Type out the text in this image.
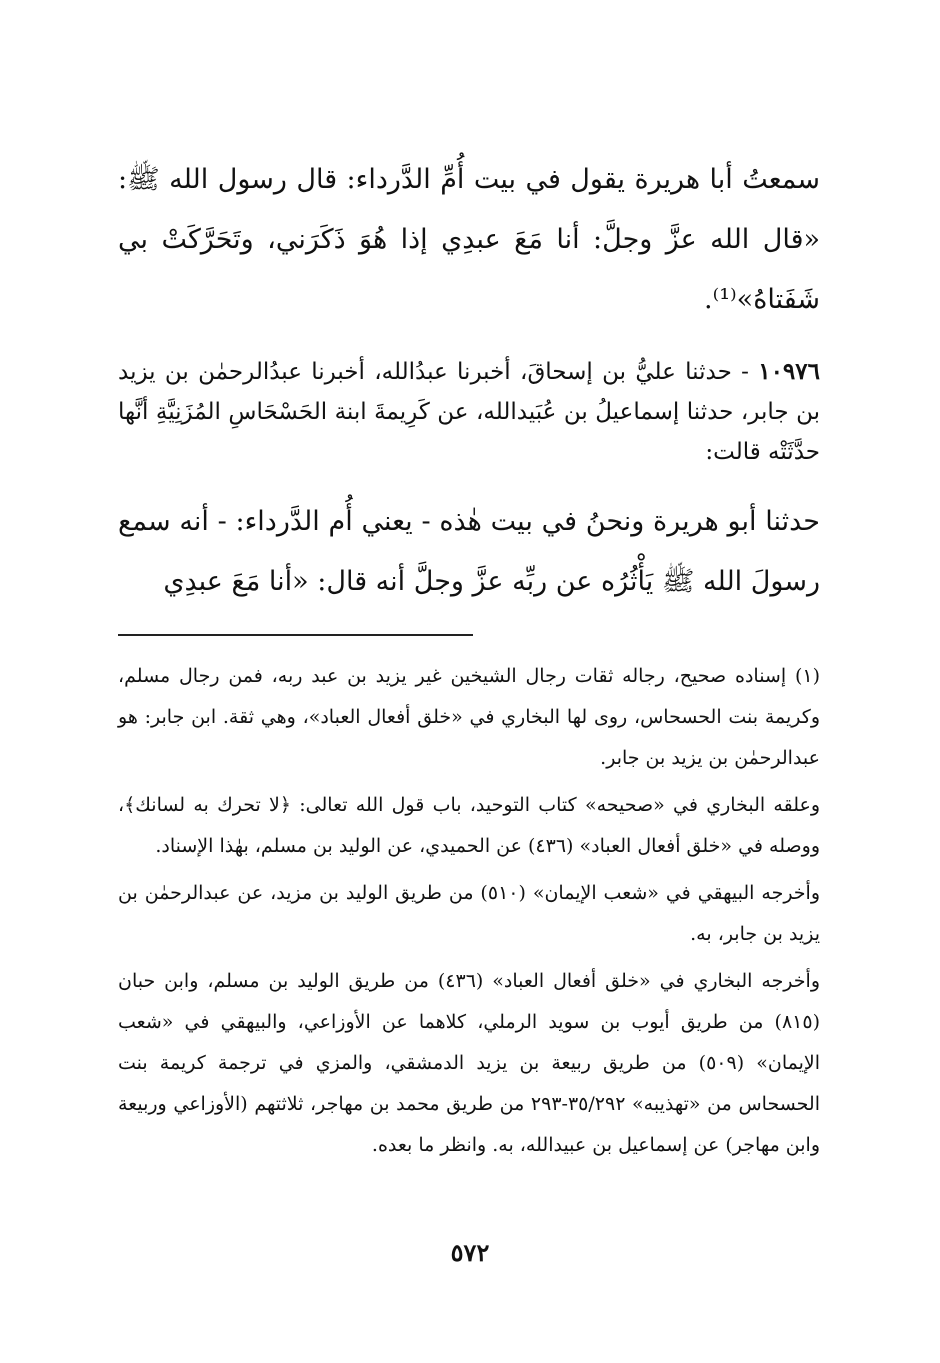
سمعتُ أبا هريرة يقول في بيت أُمِّ الدَّرداء: قال رسول الله ﷺ: «قال الله عزَّ وجلَّ: أنا مَعَ عبدِي إذا هُوَ ذَكَرَني، وتَحَرَّكَتْ بي شَفَتاهُ»⁽¹⁾.

١٠٩٧٦ - حدثنا عليُّ بن إسحاقَ، أخبرنا عبدُالله، أخبرنا عبدُالرحمٰن بن يزيد بن جابر، حدثنا إسماعيلُ بن عُبَيدالله، عن كَرِيمةَ ابنة الحَسْحَاسِ المُزَنِيَّةِ أنَّها حدَّثَتْه قالت:

حدثنا أبو هريرة ونحنُ في بيت هٰذه - يعني أُم الدَّرداء: - أنه سمع رسولَ الله ﷺ يَأْثُرُه عن ربِّه عزَّ وجلَّ أنه قال: «أنا مَعَ عبدِي

(١) إسناده صحيح، رجاله ثقات رجال الشيخين غير يزيد بن عبد ربه، فمن رجال مسلم، وكريمة بنت الحسحاس، روى لها البخاري في «خلق أفعال العباد»، وهي ثقة. ابن جابر: هو عبدالرحمٰن بن يزيد بن جابر.

وعلقه البخاري في «صحيحه» كتاب التوحيد، باب قول الله تعالى: ﴿لا تحرك به لسانك﴾، ووصله في «خلق أفعال العباد» (٤٣٦) عن الحميدي، عن الوليد بن مسلم، بهٰذا الإسناد.

وأخرجه البيهقي في «شعب الإيمان» (٥١٠) من طريق الوليد بن مزيد، عن عبدالرحمٰن بن يزيد بن جابر، به.

وأخرجه البخاري في «خلق أفعال العباد» (٤٣٦) من طريق الوليد بن مسلم، وابن حبان (٨١٥) من طريق أيوب بن سويد الرملي، كلاهما عن الأوزاعي، والبيهقي في «شعب الإيمان» (٥٠٩) من طريق ربيعة بن يزيد الدمشقي، والمزي في ترجمة كريمة بنت الحسحاس من «تهذيبه» ٣٥/٢٩٢-٢٩٣ من طريق محمد بن مهاجر، ثلاثتهم (الأوزاعي وربيعة وابن مهاجر) عن إسماعيل بن عبيدالله، به. وانظر ما بعده.

٥٧٢
